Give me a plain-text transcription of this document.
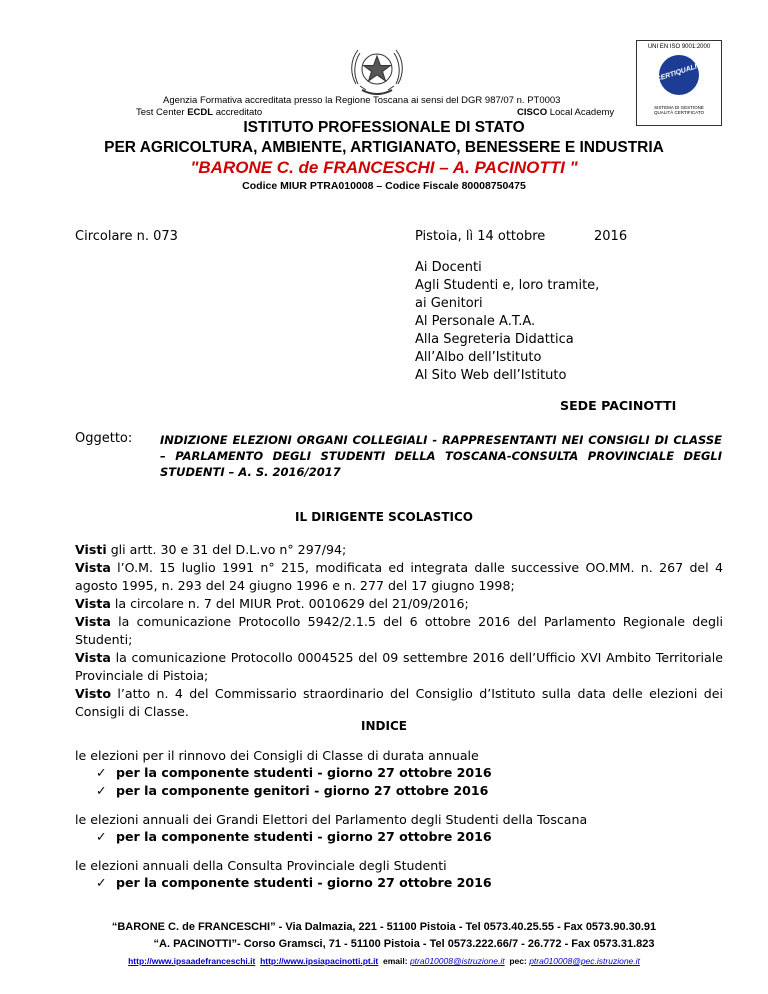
UNI EN ISO 9001:2000
CERTIQUALITY
SISTEMA DI GESTIONE
QUALITÀ CERTIFICATO
Agenzia Formativa accreditata presso la Regione Toscana ai sensi del DGR 987/07 n. PT0003
Test Center ECDL accreditato	CISCO Local Academy
ISTITUTO PROFESSIONALE DI STATO
PER AGRICOLTURA, AMBIENTE, ARTIGIANATO, BENESSERE E INDUSTRIA
"BARONE C. de FRANCESCHI – A. PACINOTTI "
Codice MIUR PTRA010008 – Codice Fiscale 80008750475
Circolare n. 073	Pistoia, lì 14 ottobre	2016
Ai Docenti
Agli Studenti e, loro tramite,
ai Genitori
Al Personale A.T.A.
Alla Segreteria Didattica
All’Albo dell’Istituto
Al Sito Web dell’Istituto
SEDE PACINOTTI
Oggetto: INDIZIONE ELEZIONI ORGANI COLLEGIALI - RAPPRESENTANTI NEI CONSIGLI DI CLASSE – PARLAMENTO DEGLI STUDENTI DELLA TOSCANA-CONSULTA PROVINCIALE DEGLI STUDENTI – A. S. 2016/2017
IL DIRIGENTE SCOLASTICO

Visti gli artt. 30 e 31 del D.L.vo n° 297/94;

Vista l’O.M. 15 luglio 1991 n° 215, modificata ed integrata dalle successive OO.MM. n. 267 del 4 agosto 1995, n. 293 del 24 giugno 1996 e n. 277 del 17 giugno 1998;

Vista la circolare n. 7 del MIUR Prot. 0010629 del 21/09/2016;

Vista la comunicazione Protocollo 5942/2.1.5 del 6 ottobre 2016 del Parlamento Regionale degli Studenti;

Vista la comunicazione Protocollo 0004525 del 09 settembre 2016 dell’Ufficio XVI Ambito Territoriale Provinciale di Pistoia;

Visto l’atto n. 4 del Commissario straordinario del Consiglio d’Istituto sulla data delle elezioni dei Consigli di Classe.

INDICE
le elezioni per il rinnovo dei Consigli di Classe di durata annuale
✓ per la componente studenti - giorno 27 ottobre 2016
✓ per la componente genitori - giorno 27 ottobre 2016
le elezioni annuali dei Grandi Elettori del Parlamento degli Studenti della Toscana
✓ per la componente studenti - giorno 27 ottobre 2016
le elezioni annuali della Consulta Provinciale degli Studenti
✓ per la componente studenti - giorno 27 ottobre 2016
“BARONE C. de FRANCESCHI” - Via Dalmazia, 221 - 51100 Pistoia - Tel 0573.40.25.55 - Fax 0573.90.30.91
“A. PACINOTTI”- Corso Gramsci, 71 - 51100 Pistoia - Tel 0573.222.66/7 - 26.772 - Fax 0573.31.823
http://www.ipsaadefranceschi.it http://www.ipsiapacinotti.pt.it email: ptra010008@istruzione.it pec: ptra010008@pec.istruzione.it
